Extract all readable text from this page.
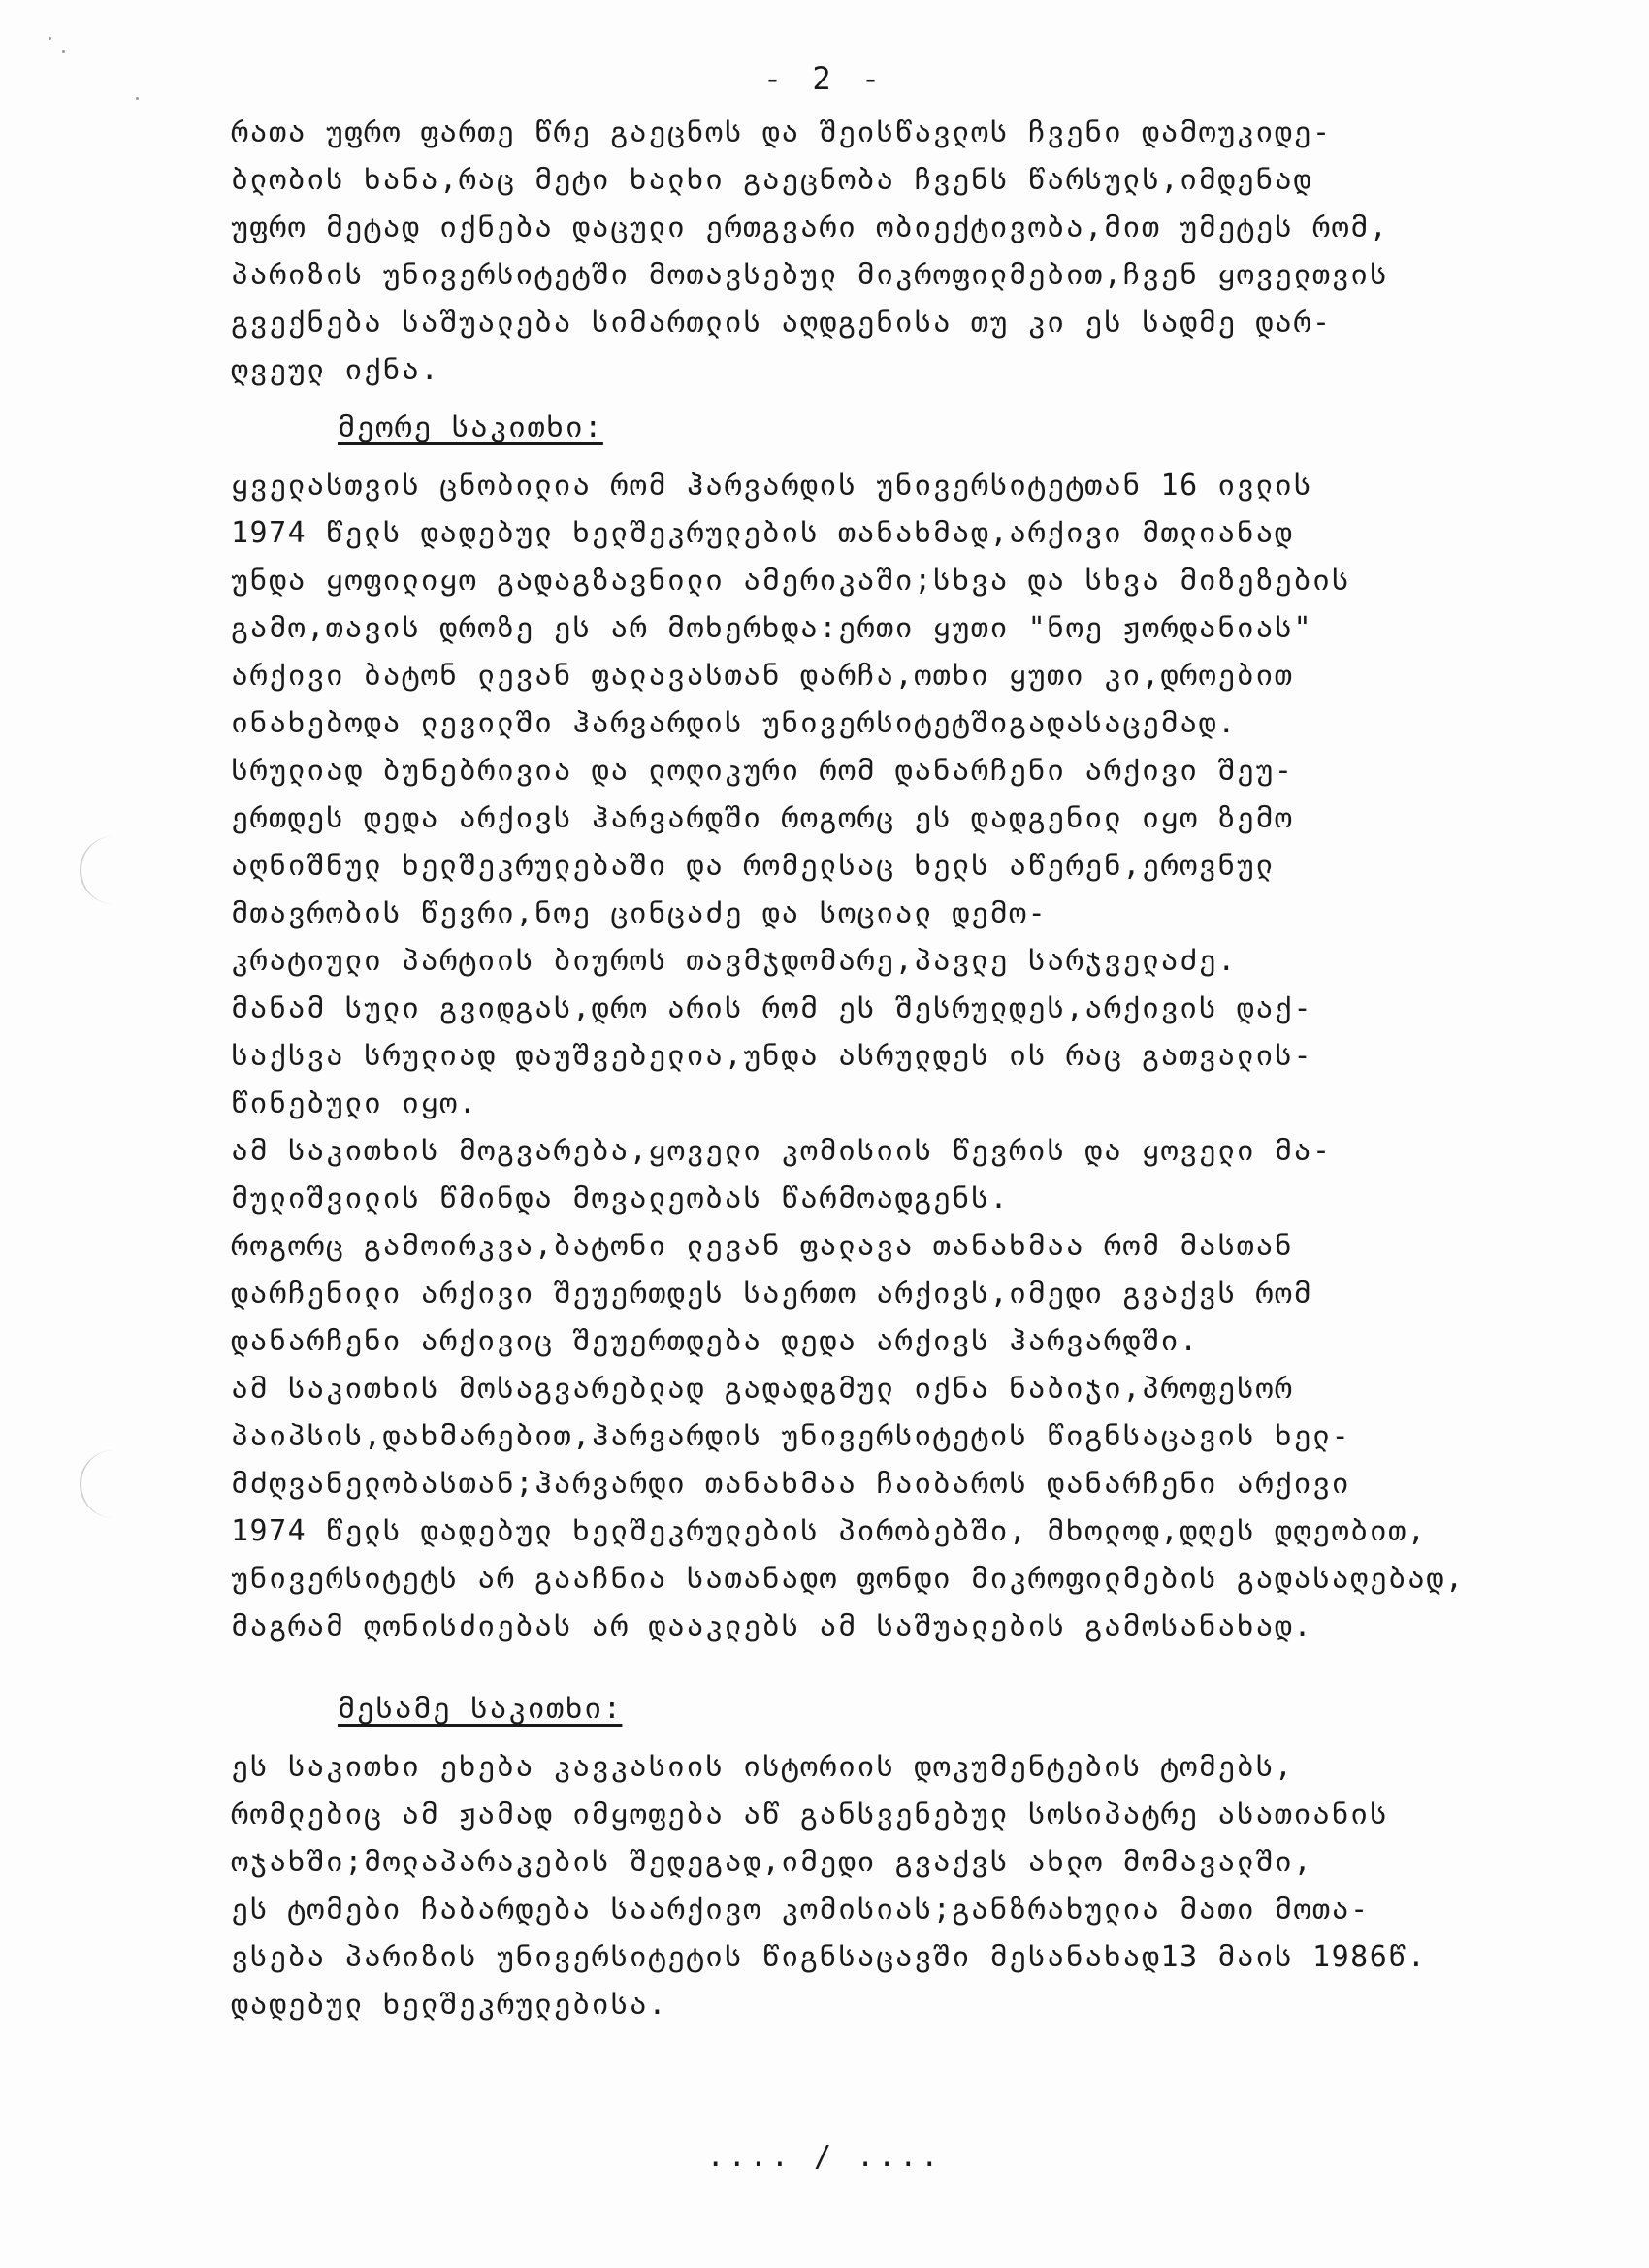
- 2 -
რათა უფრო ფართე წრე გაეცნოს და შეისწავლოს ჩვენი დამოუკიდე-
ბლობის ხანა,რაც მეტი ხალხი გაეცნობა ჩვენს წარსულს,იმდენად
უფრო მეტად იქნება დაცული ერთგვარი ობიექტივობა,მით უმეტეს რომ,
პარიზის უნივერსიტეტში მოთავსებულ მიკროფილმებით,ჩვენ ყოველთვის
გვექნება საშუალება სიმართლის აღდგენისა თუ კი ეს სადმე დარ-
ღვეულ იქნა.
მეორე საკითხი:
ყველასთვის ცნობილია რომ ჰარვარდის უნივერსიტეტთან 16 ივლის
1974 წელს დადებულ ხელშეკრულების თანახმად,არქივი მთლიანად
უნდა ყოფილიყო გადაგზავნილი ამერიკაში;სხვა და სხვა მიზეზების
გამო,თავის დროზე ეს არ მოხერხდა:ერთი ყუთი "ნოე ჟორდანიას"
არქივი ბატონ ლევან ფალავასთან დარჩა,ოთხი ყუთი კი,დროებით
ინახებოდა ლევილში ჰარვარდის უნივერსიტეტშიგადასაცემად.
სრულიად ბუნებრივია და ლოღიკური რომ დანარჩენი არქივი შეუ-
ერთდეს დედა არქივს ჰარვარდში როგორც ეს დადგენილ იყო ზემო
აღნიშნულ ხელშეკრულებაში და რომელსაც ხელს აწერენ,ეროვნულ
მთავრობის წევრი,ნოე ცინცაძე და სოციალ დემო-
კრატიული პარტიის ბიუროს თავმჯდომარე,პავლე სარჯველაძე.
მანამ სული გვიდგას,დრო არის რომ ეს შესრულდეს,არქივის დაქ-
საქსვა სრულიად დაუშვებელია,უნდა ასრულდეს ის რაც გათვალის-
წინებული იყო.
ამ საკითხის მოგვარება,ყოველი კომისიის წევრის და ყოველი მა-
მულიშვილის წმინდა მოვალეობას წარმოადგენს.
როგორც გამოირკვა,ბატონი ლევან ფალავა თანახმაა რომ მასთან
დარჩენილი არქივი შეუერთდეს საერთო არქივს,იმედი გვაქვს რომ
დანარჩენი არქივიც შეუერთდება დედა არქივს ჰარვარდში.
ამ საკითხის მოსაგვარებლად გადადგმულ იქნა ნაბიჯი,პროფესორ
პაიპსის,დახმარებით,ჰარვარდის უნივერსიტეტის წიგნსაცავის ხელ-
მძღვანელობასთან;ჰარვარდი თანახმაა ჩაიბაროს დანარჩენი არქივი
1974 წელს დადებულ ხელშეკრულების პირობებში, მხოლოდ,დღეს დღეობით,
უნივერსიტეტს არ გააჩნია სათანადო ფონდი მიკროფილმების გადასაღებად,
მაგრამ ღონისძიებას არ დააკლებს ამ საშუალების გამოსანახად.
მესამე საკითხი:
ეს საკითხი ეხება კავკასიის ისტორიის დოკუმენტების ტომებს,
რომლებიც ამ ჟამად იმყოფება აწ განსვენებულ სოსიპატრე ასათიანის
ოჯახში;მოლაპარაკების შედეგად,იმედი გვაქვს ახლო მომავალში,
ეს ტომები ჩაბარდება საარქივო კომისიას;განზრახულია მათი მოთა-
ვსება პარიზის უნივერსიტეტის წიგნსაცავში მესანახად13 მაის 1986წ.
დადებულ ხელშეკრულებისა.
.... / ....
